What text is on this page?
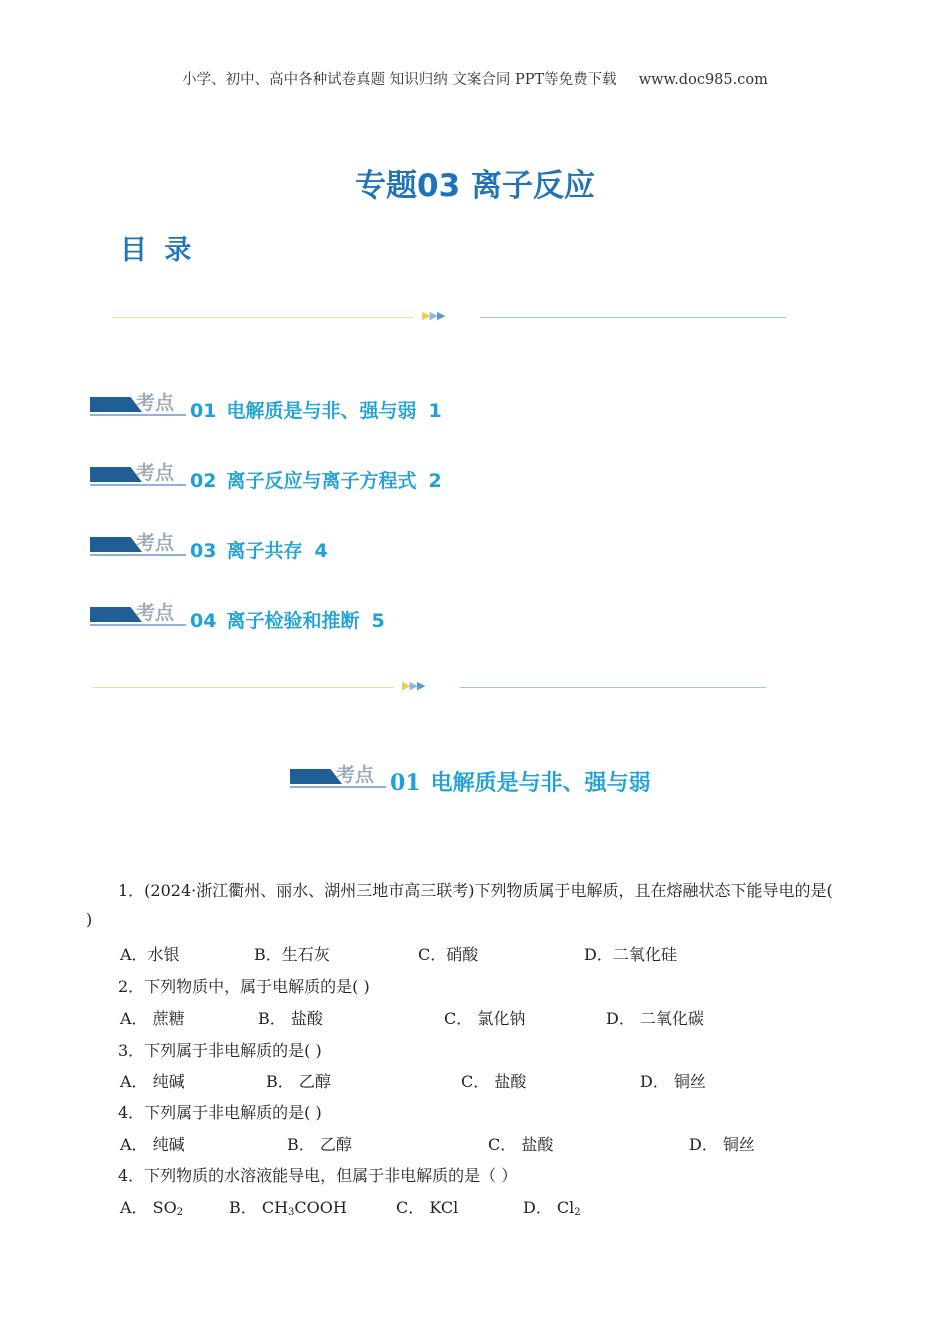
小学、初中、高中各种试卷真题 知识归纳 文案合同 PPT等免费下载 www.doc985.com
专题03 离子反应
目 录
▶▶▶
考点 01 电解质是与非、强与弱 1
考点 02 离子反应与离子方程式 2
考点 03 离子共存 4
考点 04 离子检验和推断 5
▶▶▶
考点 01 电解质是与非、强与弱
1．(2024·浙江衢州、丽水、湖州三地市高三联考)下列物质属于电解质，且在熔融状态下能导电的是(
)
A．水银	B．生石灰	C．硝酸	D．二氧化硅
2．下列物质中，属于电解质的是( )
A． 蔗糖	B． 盐酸	C． 氯化钠	D． 二氧化碳
3．下列属于非电解质的是( )
A． 纯碱	B． 乙醇	C． 盐酸	D． 铜丝
4．下列属于非电解质的是( )
A． 纯碱	B． 乙醇	C． 盐酸	D． 铜丝
4．下列物质的水溶液能导电，但属于非电解质的是（ ）
A． $SO_2$	B． $CH_3COOH$	C． KCl	D． $Cl_2$
